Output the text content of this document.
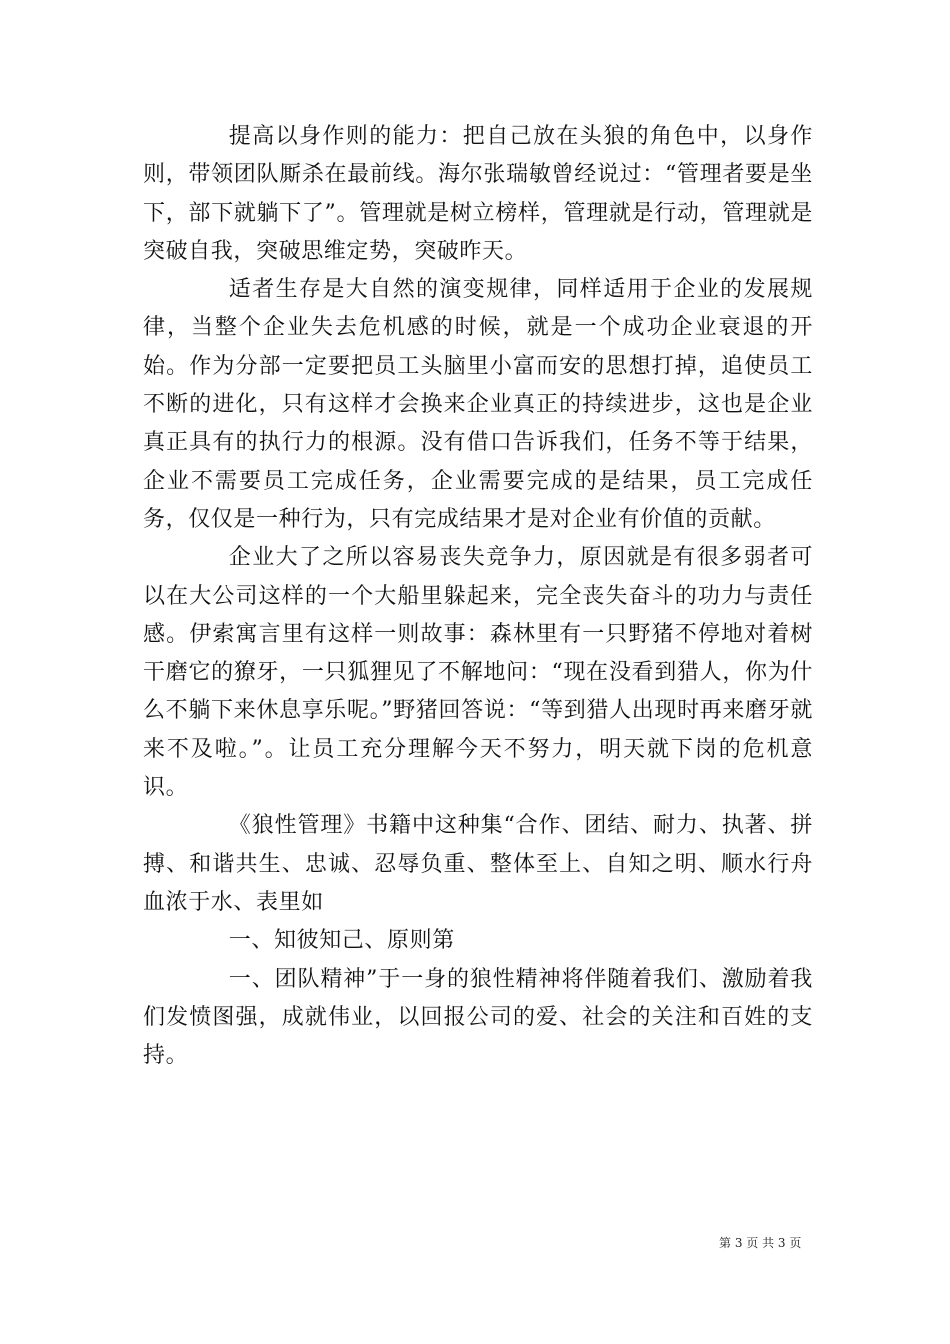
提高以身作则的能力：把自己放在头狼的角色中，以身作则，带领团队厮杀在最前线。海尔张瑞敏曾经说过：“管理者要是坐下，部下就躺下了”。管理就是树立榜样，管理就是行动，管理就是突破自我，突破思维定势，突破昨天。

适者生存是大自然的演变规律，同样适用于企业的发展规律，当整个企业失去危机感的时候，就是一个成功企业衰退的开始。作为分部一定要把员工头脑里小富而安的思想打掉，追使员工不断的进化，只有这样才会换来企业真正的持续进步，这也是企业真正具有的执行力的根源。没有借口告诉我们，任务不等于结果，企业不需要员工完成任务，企业需要完成的是结果，员工完成任务，仅仅是一种行为，只有完成结果才是对企业有价值的贡献。

企业大了之所以容易丧失竞争力，原因就是有很多弱者可以在大公司这样的一个大船里躲起来，完全丧失奋斗的功力与责任感。伊索寓言里有这样一则故事：森林里有一只野猪不停地对着树干磨它的獠牙，一只狐狸见了不解地问：“现在没看到猎人，你为什么不躺下来休息享乐呢。”野猪回答说：“等到猎人出现时再来磨牙就来不及啦。”。让员工充分理解今天不努力，明天就下岗的危机意识。

《狼性管理》书籍中这种集“合作、团结、耐力、执著、拼搏、和谐共生、忠诚、忍辱负重、整体至上、自知之明、顺水行舟血浓于水、表里如

一、知彼知己、原则第

一、团队精神”于一身的狼性精神将伴随着我们、激励着我们发愤图强，成就伟业，以回报公司的爱、社会的关注和百姓的支持。

第 3 页 共 3 页
